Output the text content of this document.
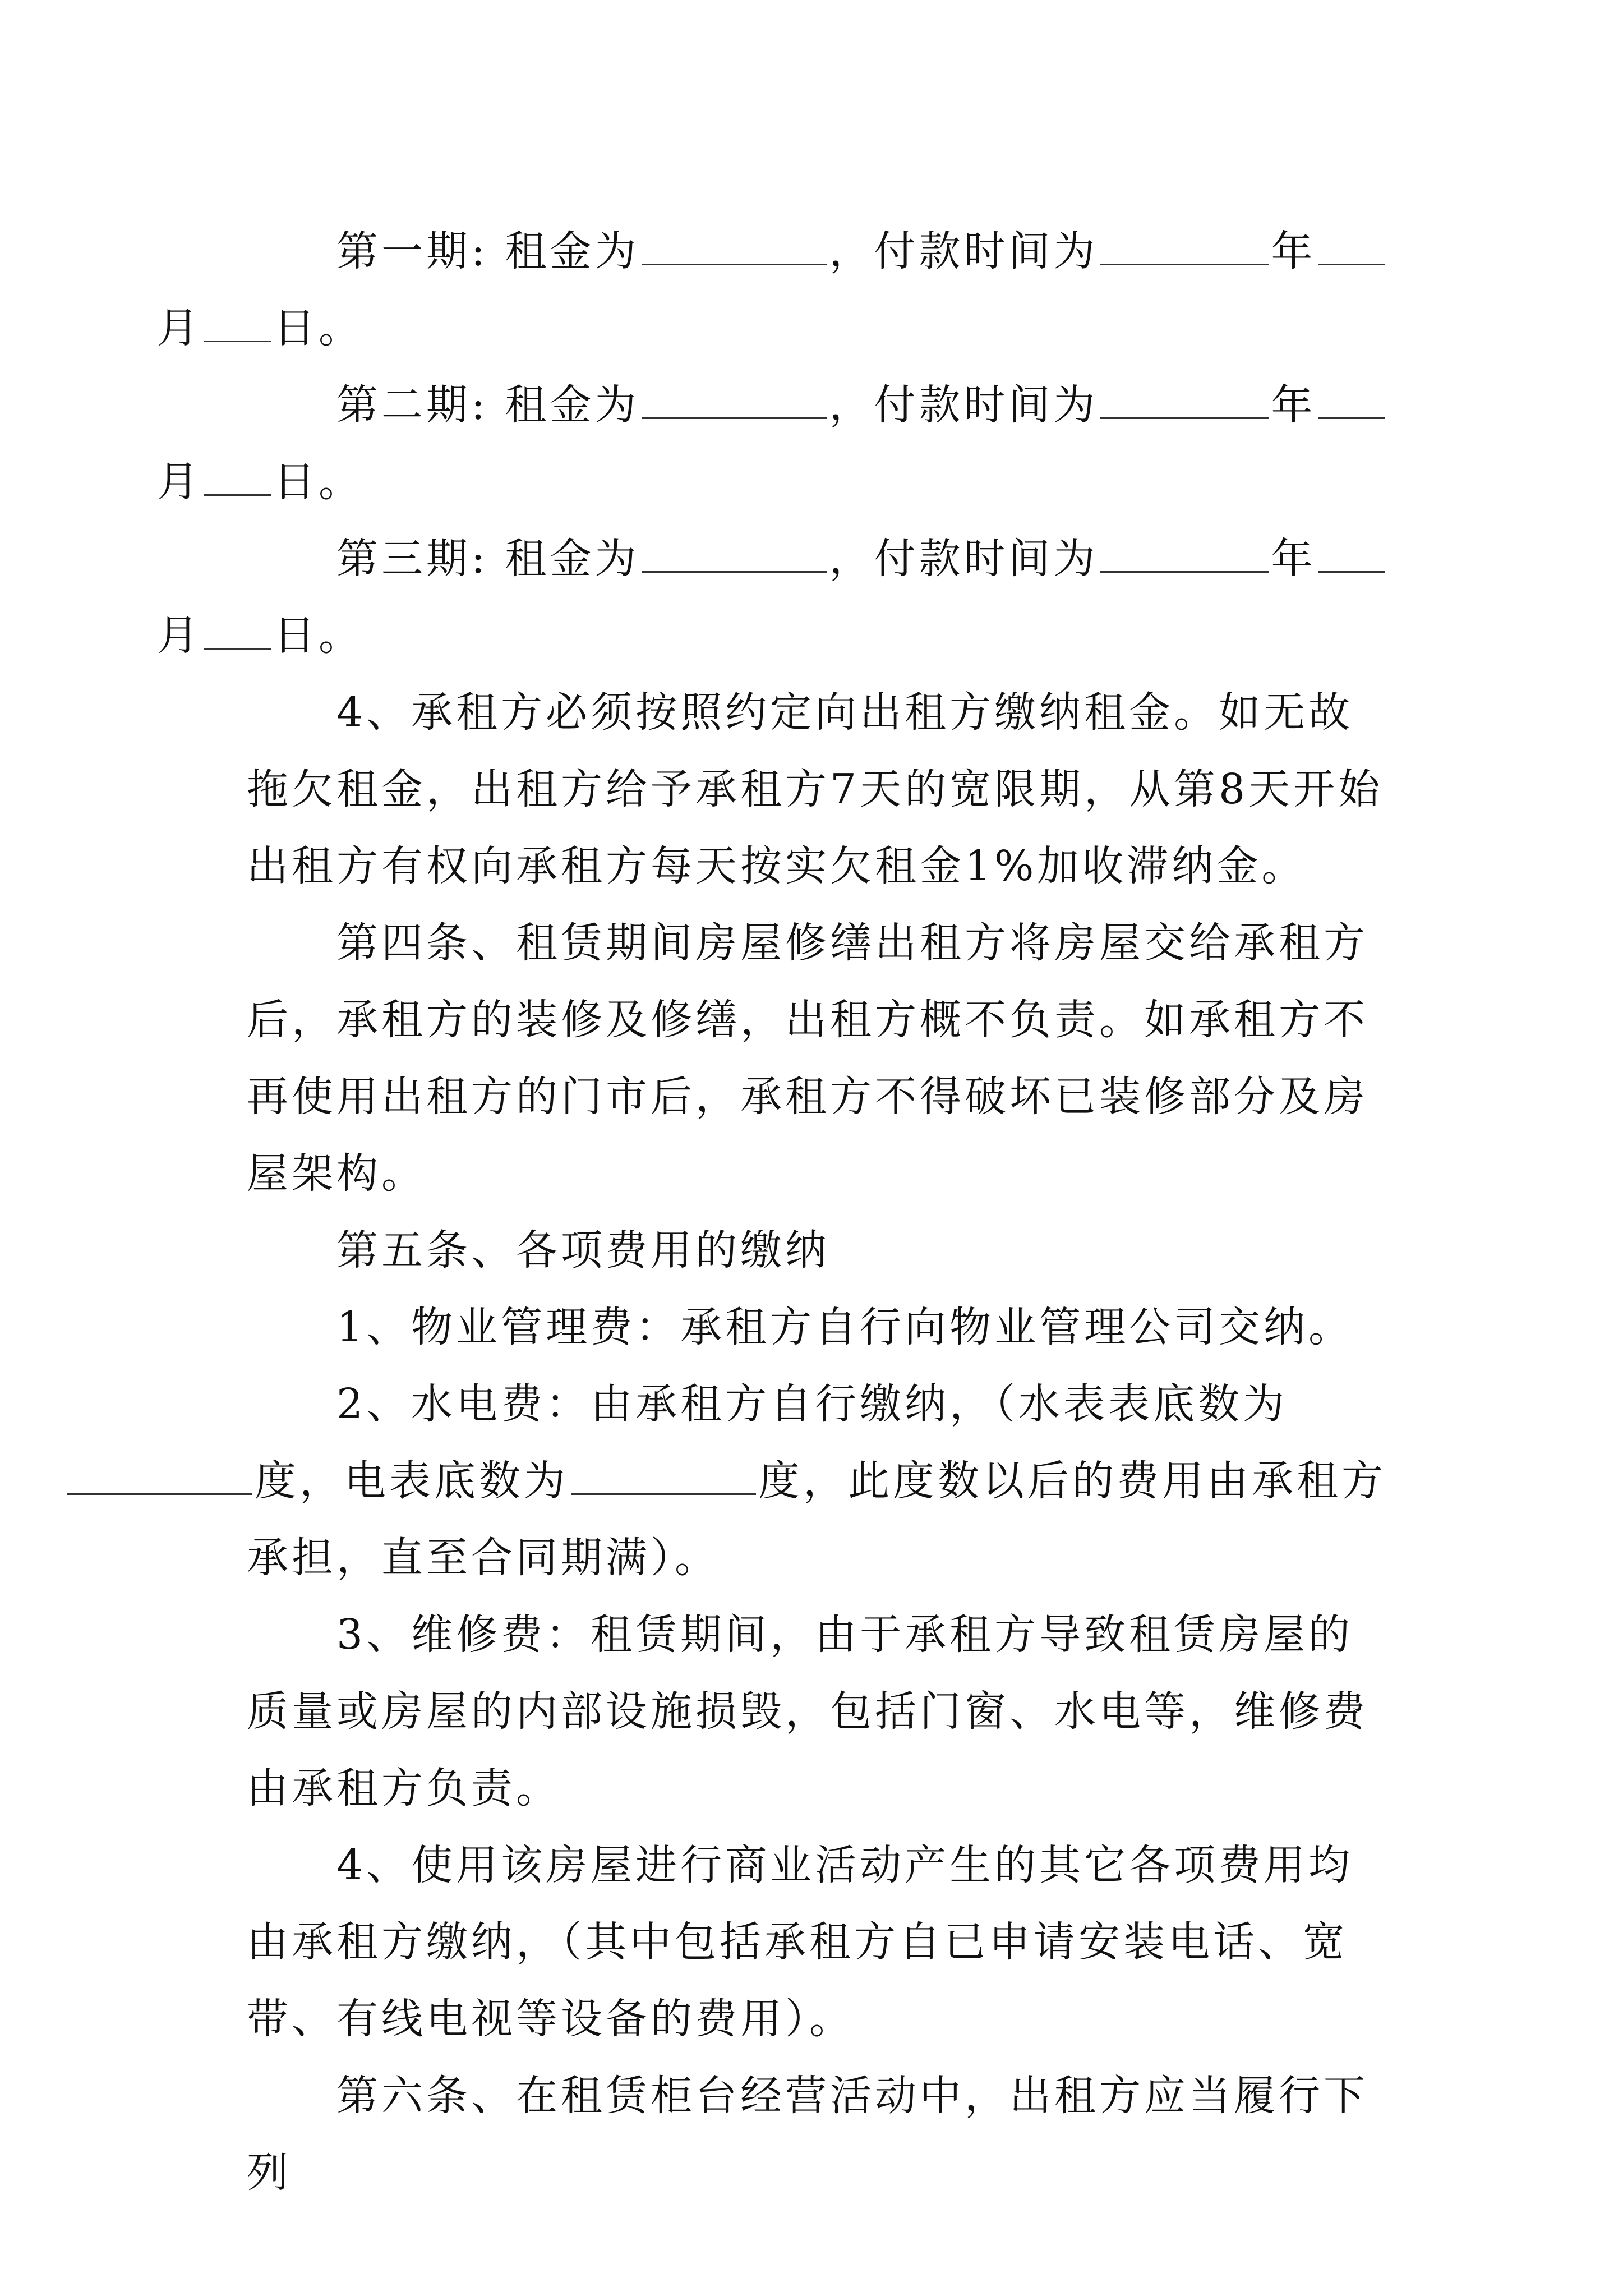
第一期: 租金为	，付款时间为	年
月 日。

第二期: 租金为	，付款时间为	年
月 日。

第三期: 租金为	，付款时间为	年
月 日。

4、承租方必须按照约定向出租方缴纳租金。如无故拖欠租金，出租方给予承租方7天的宽限期，从第8天开始出租方有权向承租方每天按实欠租金1%加收滞纳金。

第四条、租赁期间房屋修缮出租方将房屋交给承租方后，承租方的装修及修缮，出租方概不负责。如承租方不再使用出租方的门市后，承租方不得破坏已装修部分及房屋架构。

第五条、各项费用的缴纳

1、物业管理费：承租方自行向物业管理公司交纳。

2、水电费：由承租方自行缴纳，（水表表底数为
度，电表底数为	度，此度数以后的费用由承租方承担，直至合同期满）。

3、维修费：租赁期间，由于承租方导致租赁房屋的质量或房屋的内部设施损毁，包括门窗、水电等，维修费由承租方负责。

4、使用该房屋进行商业活动产生的其它各项费用均由承租方缴纳，（其中包括承租方自已申请安装电话、宽带、有线电视等设备的费用）。

第六条、在租赁柜台经营活动中，出租方应当履行下列
